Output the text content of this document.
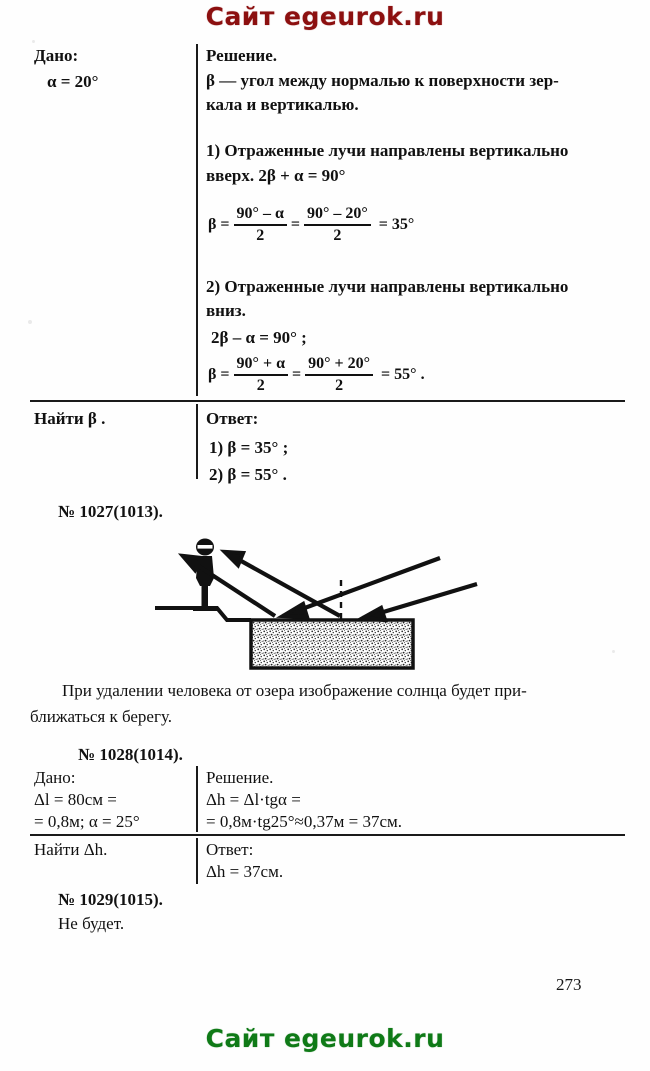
Сайт egeurok.ru
Дано:
α = 20°
Решение.
β — угол между нормалью к поверхности зер-
кала и вертикалью.
1) Отраженные лучи направлены вертикально
вверх. 2β + α = 90°
$\beta = \frac{90^\circ - \alpha}{2} = \frac{90^\circ - 20^\circ}{2} = 35^\circ$
2) Отраженные лучи направлены вертикально
вниз.
2β – α = 90° ;
$\beta = \frac{90^\circ + \alpha}{2} = \frac{90^\circ + 20^\circ}{2} = 55^\circ$ .
Найти β .	Ответ:
1) β = 35° ;
2) β = 55° .
№ 1027(1013).
При удалении человека от озера изображение солнца будет при-
ближаться к берегу.
№ 1028(1014).
Дано:
Δl = 80см =
= 0,8м; α = 25°
Решение.
Δh = Δl·tgα =
= 0,8м·tg25°≈0,37м = 37см.
Найти Δh.	Ответ:
Δh = 37см.
№ 1029(1015).
Не будет.
273
Сайт egeurok.ru
